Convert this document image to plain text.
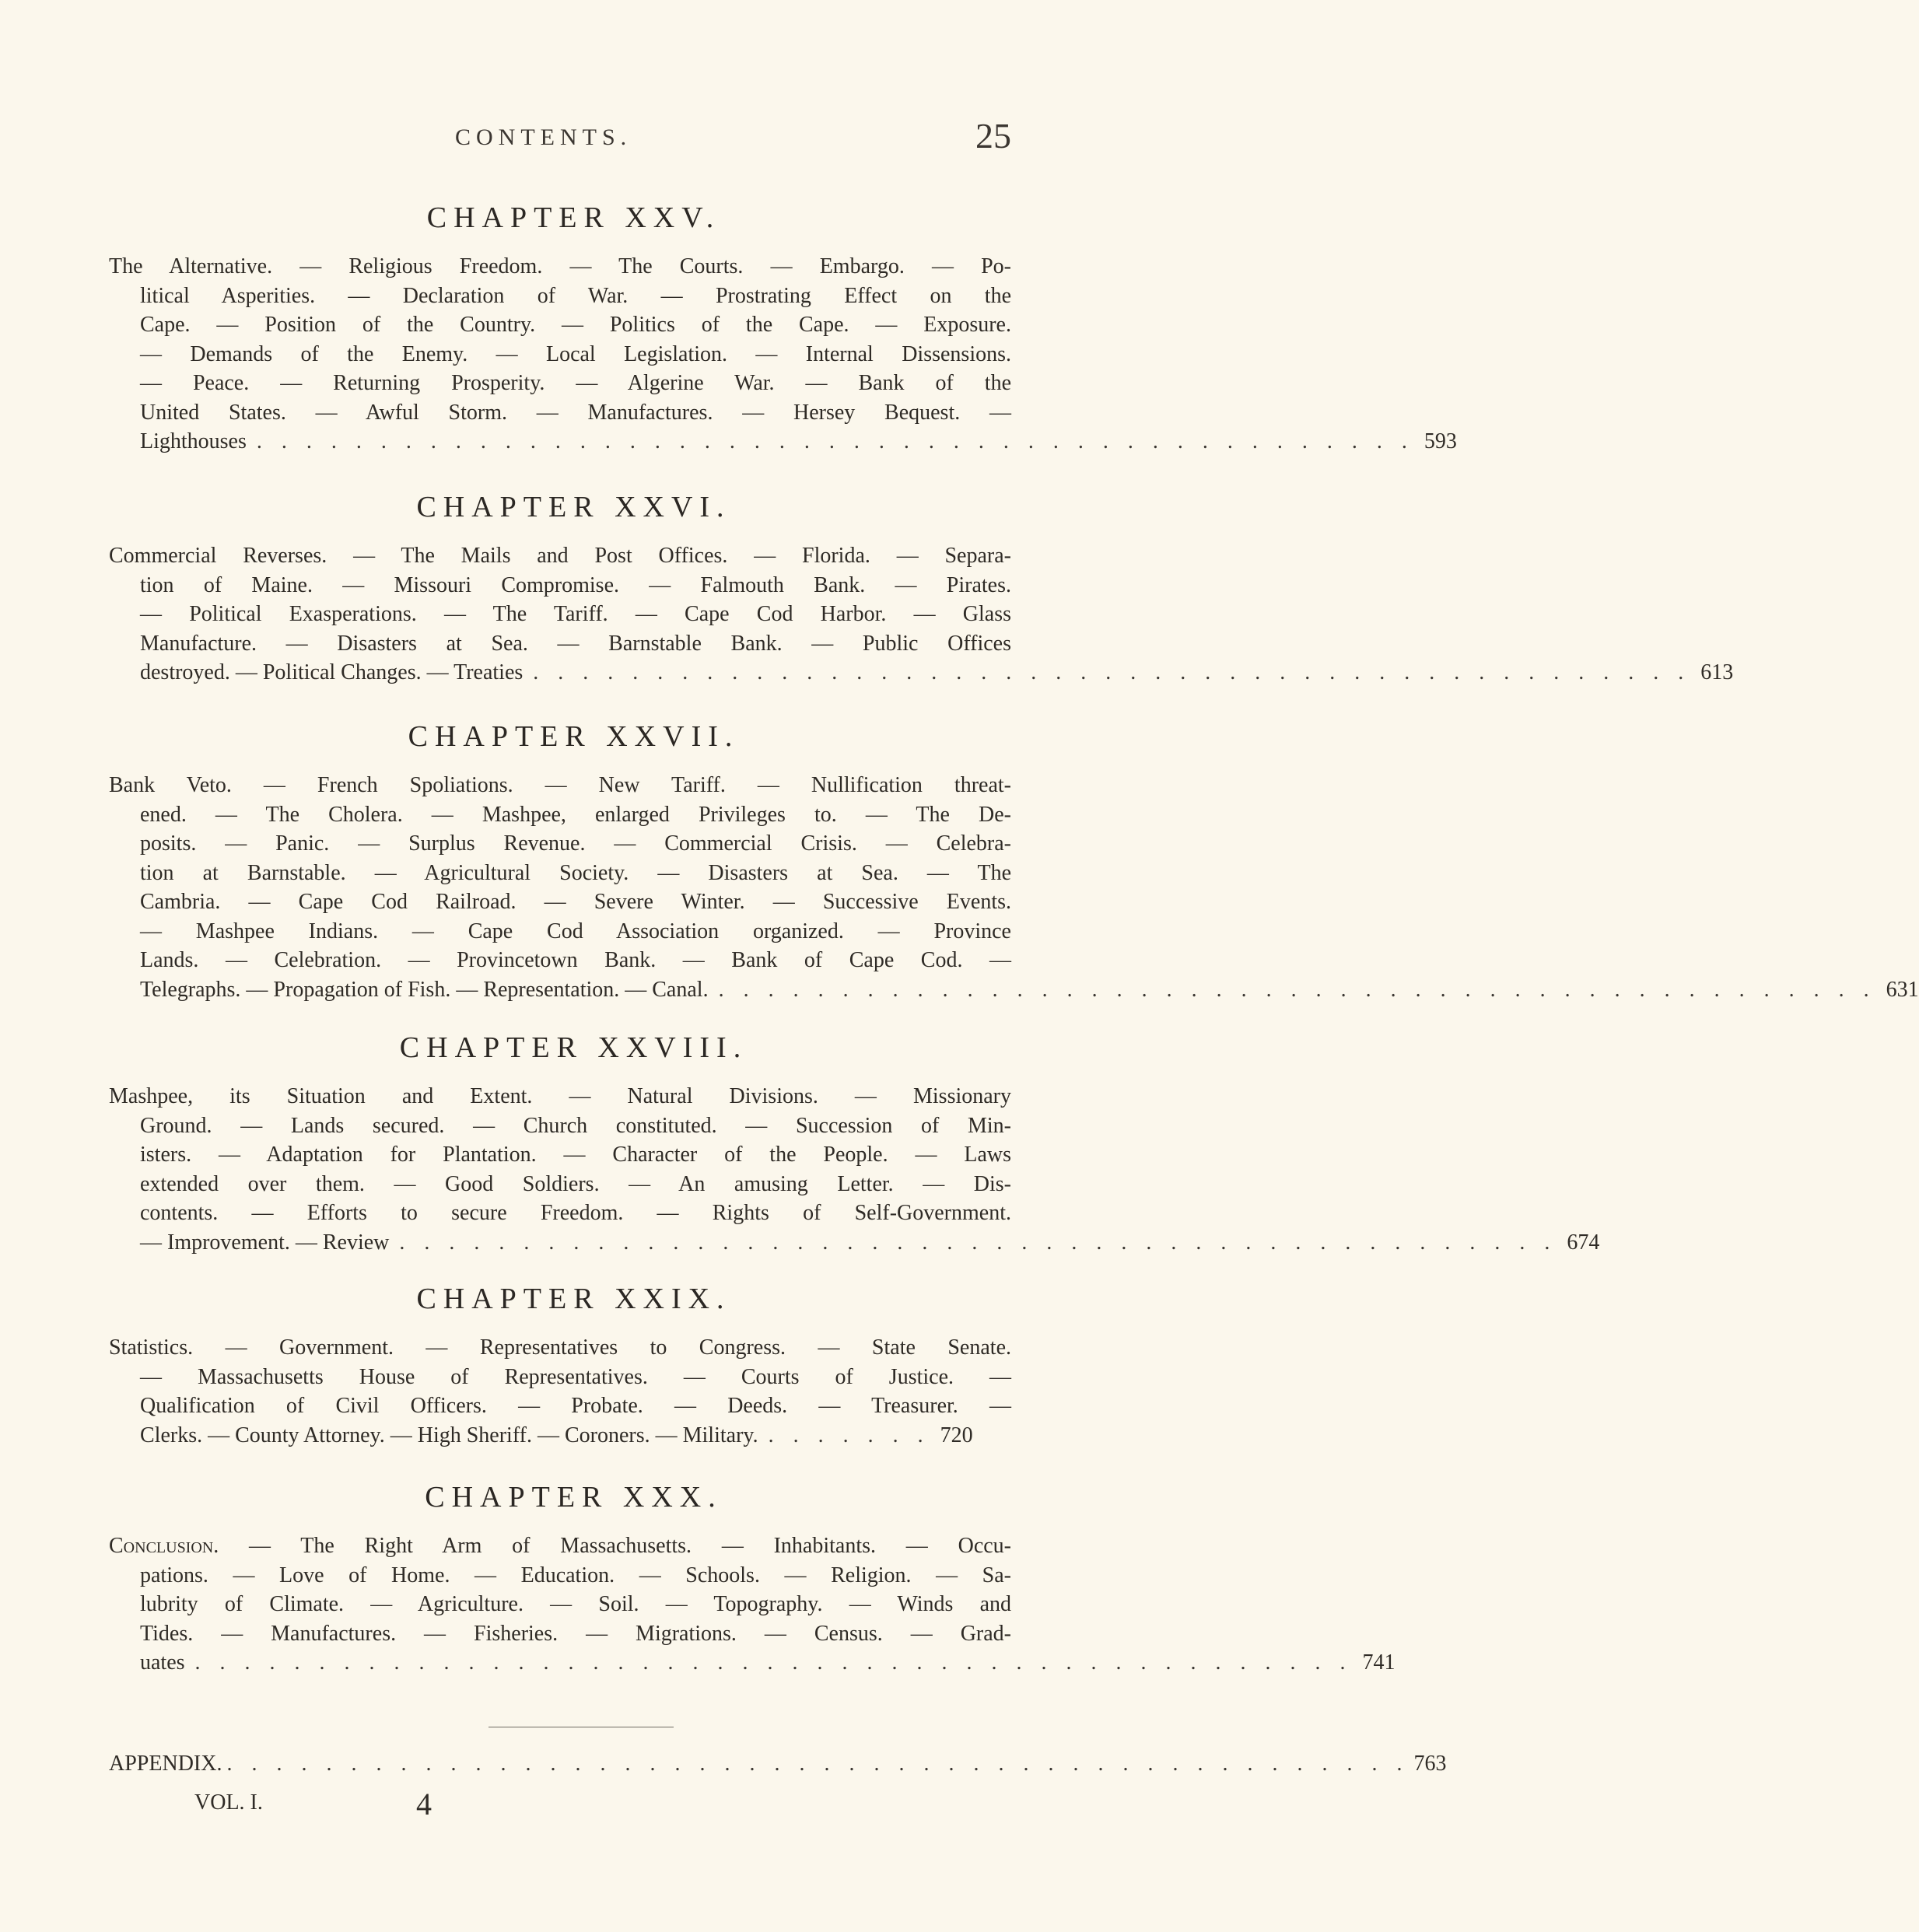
CONTENTS.	25
CHAPTER XXV.
The Alternative. — Religious Freedom. — The Courts. — Embargo. — Po-
litical Asperities. — Declaration of War. — Prostrating Effect on the
Cape. — Position of the Country. — Politics of the Cape. — Exposure.
— Demands of the Enemy. — Local Legislation. — Internal Dissensions.
— Peace. — Returning Prosperity. — Algerine War. — Bank of the
United States. — Awful Storm. — Manufactures. — Hersey Bequest. —
Lighthouses . . . . . . . . . . . . . . . . . . . . . . . . . . . . . . . . . . . . . . . . . . . . . . . 593
CHAPTER XXVI.
Commercial Reverses. — The Mails and Post Offices. — Florida. — Separa-
tion of Maine. — Missouri Compromise. — Falmouth Bank. — Pirates.
— Political Exasperations. — The Tariff. — Cape Cod Harbor. — Glass
Manufacture. — Disasters at Sea. — Barnstable Bank. — Public Offices
destroyed. — Political Changes. — Treaties . . . . . . . . . . . . . . . . . . . . . . . . . . . . . . . . . . . . . . . . . . . . . . . 613
CHAPTER XXVII.
Bank Veto. — French Spoliations. — New Tariff. — Nullification threat-
ened. — The Cholera. — Mashpee, enlarged Privileges to. — The De-
posits. — Panic. — Surplus Revenue. — Commercial Crisis. — Celebra-
tion at Barnstable. — Agricultural Society. — Disasters at Sea. — The
Cambria. — Cape Cod Railroad. — Severe Winter. — Successive Events.
— Mashpee Indians. — Cape Cod Association organized. — Province
Lands. — Celebration. — Provincetown Bank. — Bank of Cape Cod. —
Telegraphs. — Propagation of Fish. — Representation. — Canal. . . . . . . . . . . . . . . . . . . . . . . . . . . . . . . . . . . . . . . . . . . . . . . . 631
CHAPTER XXVIII.
Mashpee, its Situation and Extent. — Natural Divisions. — Missionary
Ground. — Lands secured. — Church constituted. — Succession of Min-
isters. — Adaptation for Plantation. — Character of the People. — Laws
extended over them. — Good Soldiers. — An amusing Letter. — Dis-
contents. — Efforts to secure Freedom. — Rights of Self-Government.
— Improvement. — Review . . . . . . . . . . . . . . . . . . . . . . . . . . . . . . . . . . . . . . . . . . . . . . . 674
CHAPTER XXIX.
Statistics. — Government. — Representatives to Congress. — State Senate.
— Massachusetts House of Representatives. — Courts of Justice. —
Qualification of Civil Officers. — Probate. — Deeds. — Treasurer. —
Clerks. — County Attorney. — High Sheriff. — Coroners. — Military. . . . . . . . 720
CHAPTER XXX.
Conclusion. — The Right Arm of Massachusetts. — Inhabitants. — Occu-
pations. — Love of Home. — Education. — Schools. — Religion. — Sa-
lubrity of Climate. — Agriculture. — Soil. — Topography. — Winds and
Tides. — Manufactures. — Fisheries. — Migrations. — Census. — Grad-
uates . . . . . . . . . . . . . . . . . . . . . . . . . . . . . . . . . . . . . . . . . . . . . . . 741
APPENDIX. . . . . . . . . . . . . . . . . . . . . . . . . . . . . . . . . . . . . . . . . . . . . . . . . 763
VOL. I.	4
